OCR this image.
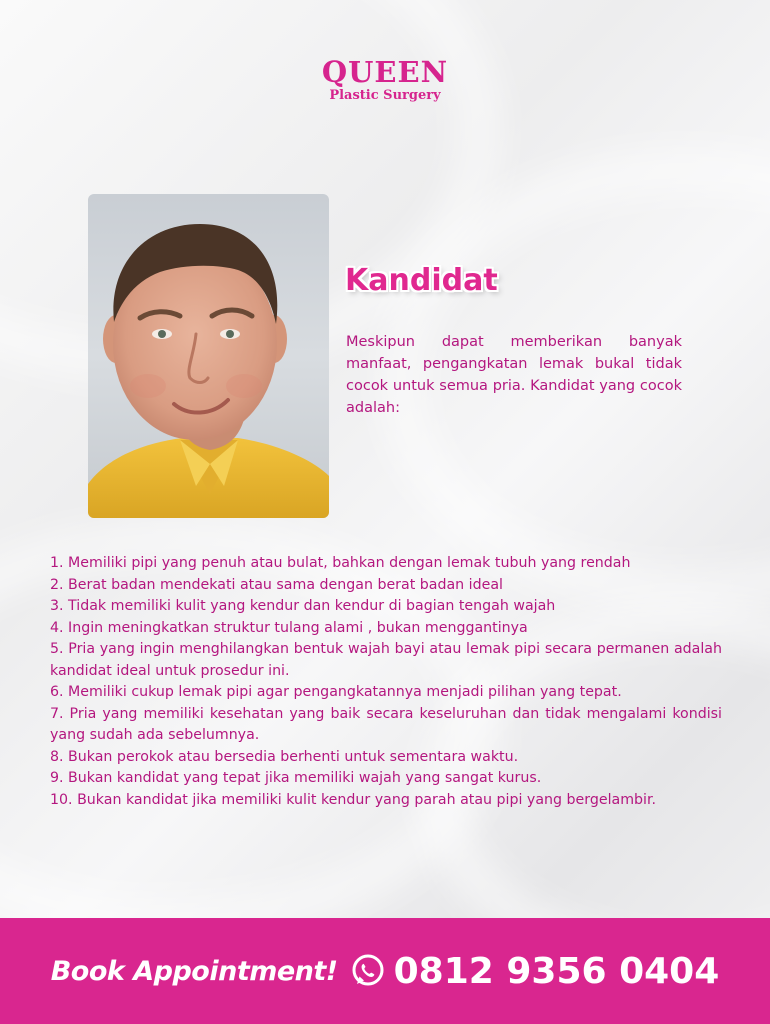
QUEEN
Plastic Surgery
Kandidat

Meskipun dapat memberikan banyak manfaat, pengangkatan lemak bukal tidak cocok untuk semua pria. Kandidat yang cocok adalah:

1. Memiliki pipi yang penuh atau bulat, bahkan dengan lemak tubuh yang rendah
2. Berat badan mendekati atau sama dengan berat badan ideal
3. Tidak memiliki kulit yang kendur dan kendur di bagian tengah wajah
4. Ingin meningkatkan struktur tulang alami , bukan menggantinya
5. Pria yang ingin menghilangkan bentuk wajah bayi atau lemak pipi secara permanen adalah kandidat ideal untuk prosedur ini.
6. Memiliki cukup lemak pipi agar pengangkatannya menjadi pilihan yang tepat.
7. Pria yang memiliki kesehatan yang baik secara keseluruhan dan tidak mengalami kondisi yang sudah ada sebelumnya.
8. Bukan perokok atau bersedia berhenti untuk sementara waktu.
9. Bukan kandidat yang tepat jika memiliki wajah yang sangat kurus.
10. Bukan kandidat jika memiliki kulit kendur yang parah atau pipi yang bergelambir.
Book Appointment! 0812 9356 0404
